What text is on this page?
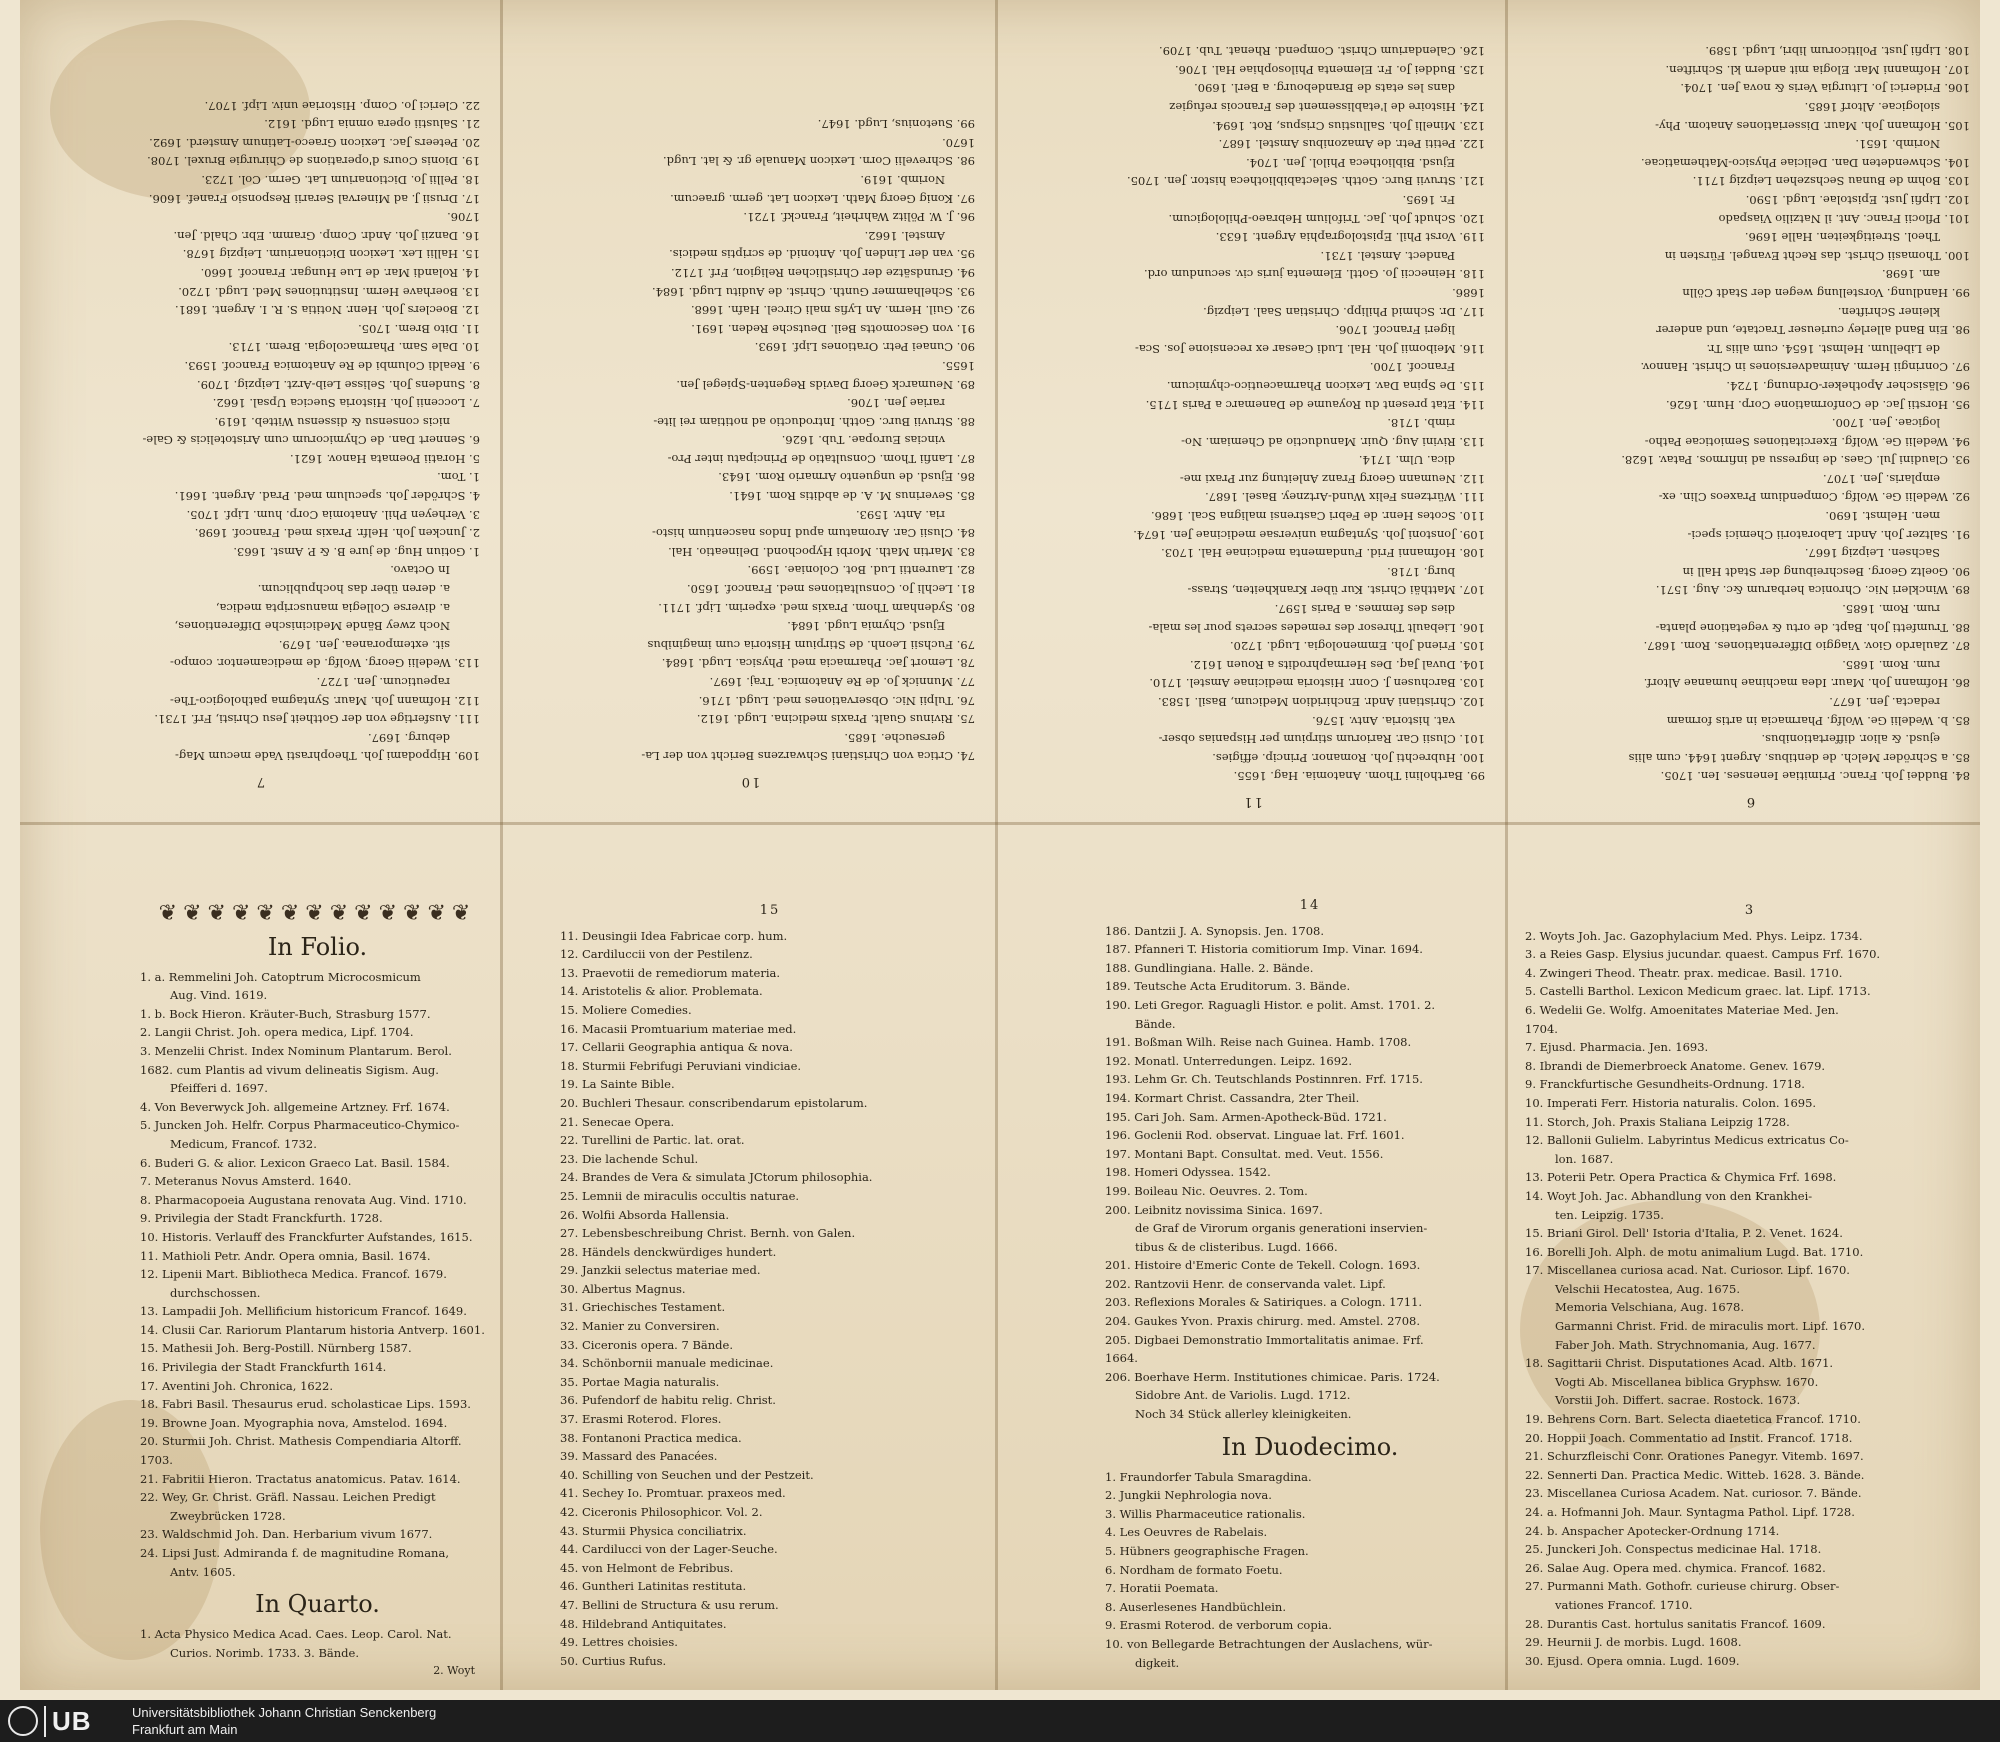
7
109. Hippodami Joh. Theophrasti Vade mecum Mag-
deburg. 1697.
111. Ausfertige von der Gottheit Jesu Christi, Frf. 1731.
112. Hofmann Joh. Maur. Syntagma pathologico-The-
rapeuticum. Jen. 1727.
113. Wedelii Georg. Wolfg. de medicamentor. compo-
sit. extemporanea. Jen. 1679.
Noch zwey Bände Medicinische Differentiones,
a. diverse Collegia manuscripta medica,
a. deren über das hochpublicum.
In Octavo.
1. Gotiun Hug. de jure B. & P. Amst. 1663.
2. Juncken Joh. Helfr. Praxis med. Francof. 1698.
3. Verheyen Phil. Anatomia Corp. hum. Lipf. 1705.
4. Schröder Joh. speculum med. Prad. Argent. 1661.
1. Tom.
5. Horatii Poemata Hanov. 1621.
6. Sennert Dan. de Chymicorum cum Aristotelicis & Gale-
nicis consensu & dissensu Witteb. 1619.
7. Loccenii Joh. Historia Suecica Upsal. 1662.
8. Sundens Joh. Selisse Leib-Arzt. Leipzig. 1709.
9. Realdi Columbi de Re Anatomica Francof. 1593.
10. Dale Sam. Pharmacologia. Brem. 1713.
11. Dito Brem. 1705.
12. Boeclers Joh. Henr. Notitia S. R. I. Argent. 1681.
13. Boerhave Herm. Institutiones Med. Lugd. 1720.
14. Rolandi Mar. de Lue Hungar. Francof. 1660.
15. Hallii Lex. Lexicon Dictionarium. Leipzig 1678.
16. Danzii Joh. Andr. Comp. Gramm. Ebr. Chald. Jen.
1706.
17. Drusii J. ad Minerval Serarii Responsio Franef. 1606.
18. Pellii Jo. Dictionarium Lat. Germ. Col. 1723.
19. Dionis Cours d'operations de Chirurgie Bruxel. 1708.
20. Peteers Jac. Lexicon Graeco-Latinum Amsterd. 1692.
21. Salustii opera omnia Lugd. 1612.
22. Clerici Jo. Comp. Historiae univ. Lipf. 1707.
10
74. Crtica von Christiani Schwarzens Bericht von der La-
gerseuche. 1685.
75. Rivinus Gualt. Praxis medicina. Lugd. 1612.
76. Tulpii Nic. Observationes med. Lugd. 1716.
77. Munnick Jo. de Re Anatomica. Traj. 1697.
78. Lemort Jac. Pharmacia med. Physica. Lugd. 1684.
79. Fuchsii Leonh. de Stirpium Historia cum imaginibus
Ejusd. Chymia Lugd. 1684.
80. Sydenham Thom. Praxis med. experim. Lipf. 1711.
81. Lechli Jo. Consultationes med. Francof. 1650.
82. Laurentii Lud. Bot. Coloniae. 1599.
83. Martin Math. Morbi Hypochond. Delineatio. Hal.
84. Clusii Car. Aromatum apud Indos nascentium histo-
ria. Antv. 1593.
85. Severinus M. A. de abditis Rom. 1641.
86. Ejusd. de unguento Armario Rom. 1643.
87. Lanfii Thom. Consultatio de Principatu inter Pro-
vincias Europae. Tub. 1626.
88. Struvii Burc. Gotth. Introductio ad notitiam rei lite-
rariae Jen. 1706.
89. Neumarck Georg Davids Regenten-Spiegel Jen.
1655.
90. Cunaei Petr. Orationes Lipf. 1693.
91. von Gescomotts Beil. Deutsche Reden. 1691.
92. Guil. Herm. An Lyfis mali Circel. Hafn. 1668.
93. Schelhammer Gunth. Christ. de Auditu Lugd. 1684.
94. Grundsätze der Christlichen Religion, Frf. 1712.
95. van der Linden Joh. Antonid. de scriptis medicis.
Amstel. 1662.
96. J. W. Pölitz Wahrheit, Franckf. 1721.
97. Konig Georg Math. Lexicon Lat. germ. graecum.
Norimb. 1619.
98. Schrevelii Corn. Lexicon Manuale gr. & lat. Lugd.
1670.
99. Suetonius, Lugd. 1647.
11
99. Bartholini Thom. Anatomia. Hag. 1655.
100. Hubrechti Joh. Romanor. Princip. effigies.
101. Clusii Car. Rariorum stirpium per Hispanias obser-
vat. historia. Antv. 1576.
102. Christiani Andr. Enchiridion Medicum, Basil. 1583.
103. Barchusen J. Conr. Historia medicinae Amstel. 1710.
104. Duval Jaq. Des Hermaphrodits a Rouen 1612.
105. Friend Joh. Emmenologia. Lugd. 1720.
106. Liebault Thresor des remedes secrets pour les mala-
dies des femmes. a Paris 1597.
107. Matthäi Christ. Kur über Krankheiten, Strass-
burg. 1718.
108. Hofmanni Frid. Fundamenta medicinae Hal. 1703.
109. Jonstoni Joh. Syntagma universae medicinae Jen. 1674.
110. Scotes Henr. de Febri Castrensi maligna Scal. 1686.
111. Würtzens Felix Wund-Artzney. Basel. 1687.
112. Neumann Georg Franz Anleitung zur Praxi me-
dica. Ulm. 1714.
113. Rivini Aug. Quir. Manuductio ad Chemiam. No-
rimb. 1718.
114. Etat present du Royaume de Danemarc a Paris 1715.
115. De Spina Dav. Lexicon Pharmaceutico-chymicum.
Francof. 1700.
116. Meibomii Joh. Hal. Ludi Caesar ex recensione Jos. Sca-
ligeri Francof. 1706.
117. Dr. Schmid Philipp. Christian Saal. Leipzig.
1686.
118. Heineccii Jo. Gottl. Elementa juris civ. secundum ord.
Pandect. Amstel. 1731.
119. Vorst Phil. Epistolographia Argent. 1633.
120. Schudt Joh. Jac. Trifolium Hebraeo-Philologicum.
Fr. 1695.
121. Struvii Burc. Gotth. Selectabibliotheca histor. Jen. 1705.
Ejusd. Bibliotheca Philol. Jen. 1704.
122. Petiti Petr. de Amazonibus Amstel. 1687.
123. Minelli Joh. Sallustius Crispus, Rot. 1694.
124. Histoire de l'etablissement des Francois refugiez
dans les etats de Brandebourg. a Berl. 1690.
125. Buddei Jo. Fr. Elementa Philosophiae Hal. 1706.
126. Calendarium Christ. Compend. Rhenat. Tub. 1709.
6
84. Buddei Joh. Franc. Primitiae Ienenses. Ien. 1705.
85. a Schröder Melch. de dentibus. Argent 1644. cum aliis
ejusd. & alior. differtationibus.
85. b. Wedelii Ge. Wolfg. Pharmacia in artis formam
redacta. Jen. 1677.
86. Hofmann Joh. Maur. Idea machinae humanae Altorf.
rum. Rom. 1685.
87. Zaulardo Giov. Viaggio Differentationes. Rom. 1687.
88. Trumfetti Joh. Bapt. de ortu & vegetatione planta-
rum. Rom. 1685.
89. Winckleri Nic. Chronica herbarum &c. Aug. 1571.
90. Goeltz Georg. Beschreibung der Stadt Hall in
Sachsen. Leipzig 1667.
91. Saltzer Joh. Andr. Laboratorii Chemici speci-
men. Helmst. 1690.
92. Wedelii Ge. Wolfg. Compendium Praxeos Clin. ex-
emplaris. Jen. 1707.
93. Claudini Jul. Caes. de ingressu ad infirmos. Patav. 1628.
94. Wedelii Ge. Wolfg. Exercitationes Semioticae Patho-
logicae. Jen. 1700.
95. Horstii Jac. de Conformatione Corp. Hum. 1626.
96. Gläsischer Apotheker-Ordnung. 1724.
97. Conringii Herm. Animadversiones in Christ. Hannov.
de Libellum. Helmst. 1654. cum aliis Tr.
98. Ein Band allerley curieuser Tractate, und anderer
kleiner Schriften.
99. Handlung. Vorstellung wegen der Stadt Cölln
am. 1698.
100. Thomasii Christ. das Recht Evangel. Fürsten in
Theol. Streitigkeiten. Halle 1696.
101. Pflocii Franc. Ant. il Natzilio Viaspado
102. Lipfii Just. Epistolae. Lugd. 1590.
103. Bohm de Bunau Sechszehen Leipzig 1711.
104. Schwendeten Dan. Deliciae Physico-Mathematicae.
Norimb. 1651.
105. Hofmann Joh. Maur. Disseriationes Anatom. Phy-
siologicae. Altorf 1685.
106. Friderici Jo. Liturgia Veris & nova Jen. 1704.
107. Hofmanni Mar. Elogia mit andern kl. Schriften.
108. Lipfii Just. Politicorum libri, Lugd. 1589.
❦❦❦❦❦❦❦❦❦❦❦❦❦
In Folio.
1. a. Remmelini Joh. Catoptrum Microcosmicum
Aug. Vind. 1619.
1. b. Bock Hieron. Kräuter-Buch, Strasburg 1577.
2. Langii Christ. Joh. opera medica, Lipf. 1704.
3. Menzelii Christ. Index Nominum Plantarum. Berol.
1682. cum Plantis ad vivum delineatis Sigism. Aug.
Pfeifferi d. 1697.
4. Von Beverwyck Joh. allgemeine Artzney. Frf. 1674.
5. Juncken Joh. Helfr. Corpus Pharmaceutico-Chymico-
Medicum, Francof. 1732.
6. Buderi G. & alior. Lexicon Graeco Lat. Basil. 1584.
7. Meteranus Novus Amsterd. 1640.
8. Pharmacopoeia Augustana renovata Aug. Vind. 1710.
9. Privilegia der Stadt Franckfurth. 1728.
10. Historis. Verlauff des Franckfurter Aufstandes, 1615.
11. Mathioli Petr. Andr. Opera omnia, Basil. 1674.
12. Lipenii Mart. Bibliotheca Medica. Francof. 1679.
durchschossen.
13. Lampadii Joh. Mellificium historicum Francof. 1649.
14. Clusii Car. Rariorum Plantarum historia Antverp. 1601.
15. Mathesii Joh. Berg-Postill. Nürnberg 1587.
16. Privilegia der Stadt Franckfurth 1614.
17. Aventini Joh. Chronica, 1622.
18. Fabri Basil. Thesaurus erud. scholasticae Lips. 1593.
19. Browne Joan. Myographia nova, Amstelod. 1694.
20. Sturmii Joh. Christ. Mathesis Compendiaria Altorff.
1703.
21. Fabritii Hieron. Tractatus anatomicus. Patav. 1614.
22. Wey, Gr. Christ. Gräfl. Nassau. Leichen Predigt
Zweybrücken 1728.
23. Waldschmid Joh. Dan. Herbarium vivum 1677.
24. Lipsi Just. Admiranda f. de magnitudine Romana,
Antv. 1605.
In Quarto.
1. Acta Physico Medica Acad. Caes. Leop. Carol. Nat.
Curios. Norimb. 1733. 3. Bände.
2. Woyt
15
11. Deusingii Idea Fabricae corp. hum.
12. Cardiluccii von der Pestilenz.
13. Praevotii de remediorum materia.
14. Aristotelis & alior. Problemata.
15. Moliere Comedies.
16. Macasii Promtuarium materiae med.
17. Cellarii Geographia antiqua & nova.
18. Sturmii Febrifugi Peruviani vindiciae.
19. La Sainte Bible.
20. Buchleri Thesaur. conscribendarum epistolarum.
21. Senecae Opera.
22. Turellini de Partic. lat. orat.
23. Die lachende Schul.
24. Brandes de Vera & simulata JCtorum philosophia.
25. Lemnii de miraculis occultis naturae.
26. Wolfii Absorda Hallensia.
27. Lebensbeschreibung Christ. Bernh. von Galen.
28. Händels denckwürdiges hundert.
29. Janzkii selectus materiae med.
30. Albertus Magnus.
31. Griechisches Testament.
32. Manier zu Conversiren.
33. Ciceronis opera. 7 Bände.
34. Schönbornii manuale medicinae.
35. Portae Magia naturalis.
36. Pufendorf de habitu relig. Christ.
37. Erasmi Roterod. Flores.
38. Fontanoni Practica medica.
39. Massard des Panacées.
40. Schilling von Seuchen und der Pestzeit.
41. Sechey Io. Promtuar. praxeos med.
42. Ciceronis Philosophicor. Vol. 2.
43. Sturmii Physica conciliatrix.
44. Cardilucci von der Lager-Seuche.
45. von Helmont de Febribus.
46. Guntheri Latinitas restituta.
47. Bellini de Structura & usu rerum.
48. Hildebrand Antiquitates.
49. Lettres choisies.
50. Curtius Rufus.
14
186. Dantzii J. A. Synopsis. Jen. 1708.
187. Pfanneri T. Historia comitiorum Imp. Vinar. 1694.
188. Gundlingiana. Halle. 2. Bände.
189. Teutsche Acta Eruditorum. 3. Bände.
190. Leti Gregor. Raguagli Histor. e polit. Amst. 1701. 2.
Bände.
191. Boßman Wilh. Reise nach Guinea. Hamb. 1708.
192. Monatl. Unterredungen. Leipz. 1692.
193. Lehm Gr. Ch. Teutschlands Postinnren. Frf. 1715.
194. Kormart Christ. Cassandra, 2ter Theil.
195. Cari Joh. Sam. Armen-Apotheck-Büd. 1721.
196. Goclenii Rod. observat. Linguae lat. Frf. 1601.
197. Montani Bapt. Consultat. med. Veut. 1556.
198. Homeri Odyssea. 1542.
199. Boileau Nic. Oeuvres. 2. Tom.
200. Leibnitz novissima Sinica. 1697.
de Graf de Virorum organis generationi inservien-
tibus & de clisteribus. Lugd. 1666.
201. Histoire d'Emeric Conte de Tekell. Cologn. 1693.
202. Rantzovii Henr. de conservanda valet. Lipf.
203. Reflexions Morales & Satiriques. a Cologn. 1711.
204. Gaukes Yvon. Praxis chirurg. med. Amstel. 2708.
205. Digbaei Demonstratio Immortalitatis animae. Frf.
1664.
206. Boerhave Herm. Institutiones chimicae. Paris. 1724.
Sidobre Ant. de Variolis. Lugd. 1712.
Noch 34 Stück allerley kleinigkeiten.
In Duodecimo.
1. Fraundorfer Tabula Smaragdina.
2. Jungkii Nephrologia nova.
3. Willis Pharmaceutice rationalis.
4. Les Oeuvres de Rabelais.
5. Hübners geographische Fragen.
6. Nordham de formato Foetu.
7. Horatii Poemata.
8. Auserlesenes Handbüchlein.
9. Erasmi Roterod. de verborum copia.
10. von Bellegarde Betrachtungen der Auslachens, wür-
digkeit.
3
2. Woyts Joh. Jac. Gazophylacium Med. Phys. Leipz. 1734.
3. a Reies Gasp. Elysius jucundar. quaest. Campus Frf. 1670.
4. Zwingeri Theod. Theatr. prax. medicae. Basil. 1710.
5. Castelli Barthol. Lexicon Medicum graec. lat. Lipf. 1713.
6. Wedelii Ge. Wolfg. Amoenitates Materiae Med. Jen.
1704.
7. Ejusd. Pharmacia. Jen. 1693.
8. Ibrandi de Diemerbroeck Anatome. Genev. 1679.
9. Franckfurtische Gesundheits-Ordnung. 1718.
10. Imperati Ferr. Historia naturalis. Colon. 1695.
11. Storch, Joh. Praxis Staliana Leipzig 1728.
12. Ballonii Gulielm. Labyrintus Medicus extricatus Co-
lon. 1687.
13. Poterii Petr. Opera Practica & Chymica Frf. 1698.
14. Woyt Joh. Jac. Abhandlung von den Krankhei-
ten. Leipzig. 1735.
15. Briani Girol. Dell' Istoria d'Italia, P. 2. Venet. 1624.
16. Borelli Joh. Alph. de motu animalium Lugd. Bat. 1710.
17. Miscellanea curiosa acad. Nat. Curiosor. Lipf. 1670.
Velschii Hecatostea, Aug. 1675.
Memoria Velschiana, Aug. 1678.
Garmanni Christ. Frid. de miraculis mort. Lipf. 1670.
Faber Joh. Math. Strychnomania, Aug. 1677.
18. Sagittarii Christ. Disputationes Acad. Altb. 1671.
Vogti Ab. Miscellanea biblica Gryphsw. 1670.
Vorstii Joh. Differt. sacrae. Rostock. 1673.
19. Behrens Corn. Bart. Selecta diaetetica Francof. 1710.
20. Hoppii Joach. Commentatio ad Instit. Francof. 1718.
21. Schurzfleischi Conr. Orationes Panegyr. Vitemb. 1697.
22. Sennerti Dan. Practica Medic. Witteb. 1628. 3. Bände.
23. Miscellanea Curiosa Academ. Nat. curiosor. 7. Bände.
24. a. Hofmanni Joh. Maur. Syntagma Pathol. Lipf. 1728.
24. b. Anspacher Apotecker-Ordnung 1714.
25. Junckeri Joh. Conspectus medicinae Hal. 1718.
26. Salae Aug. Opera med. chymica. Francof. 1682.
27. Purmanni Math. Gothofr. curieuse chirurg. Obser-
vationes Francof. 1710.
28. Durantis Cast. hortulus sanitatis Francof. 1609.
29. Heurnii J. de morbis. Lugd. 1608.
30. Ejusd. Opera omnia. Lugd. 1609.
UB	Universitätsbibliothek Johann Christian Senckenberg
Frankfurt am Main
